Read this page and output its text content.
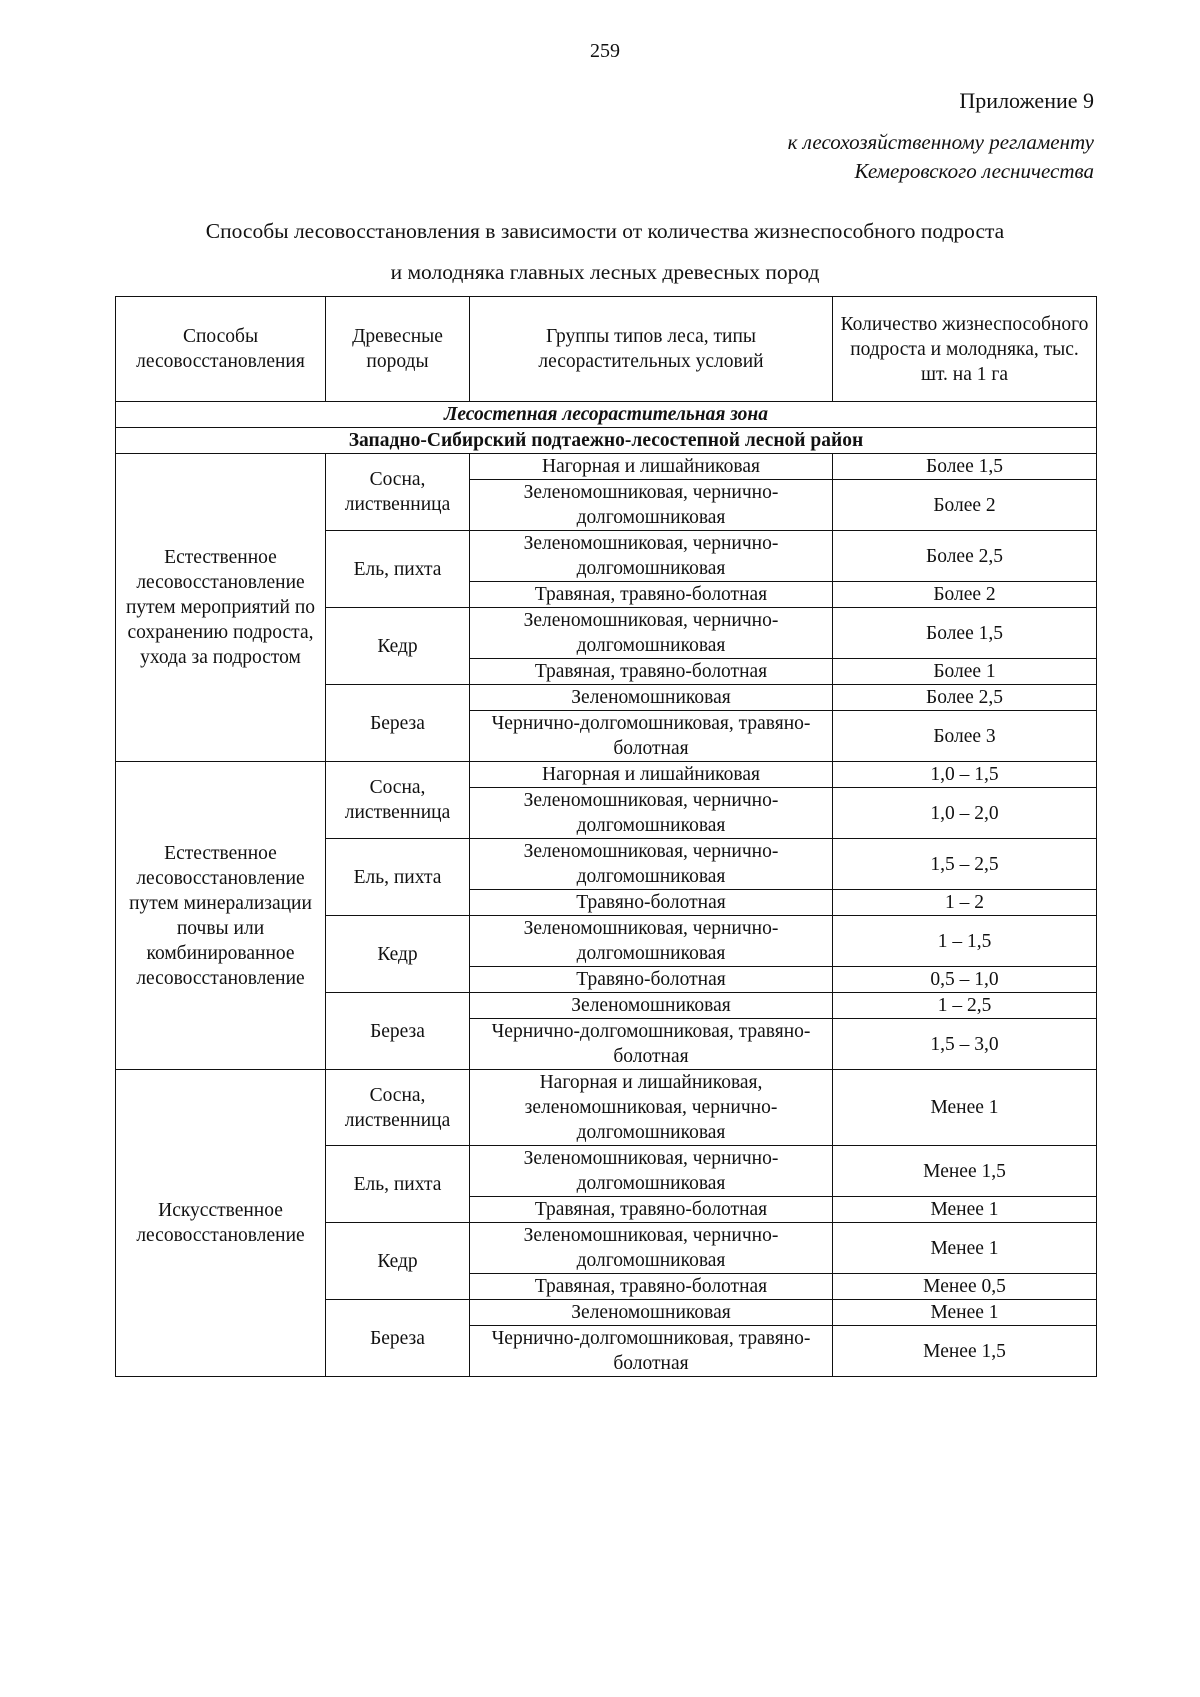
259
Приложение 9
к лесохозяйственному регламенту
Кемеровского лесничества
Способы лесовосстановления в зависимости от количества жизнеспособного подроста
и молодняка главных лесных древесных пород
Способы лесовосстановления	Древесные породы	Группы типов леса, типы лесорастительных условий	Количество жизнеспособного подроста и молодняка, тыс. шт. на 1 га
Лесостепная лесорастительная зона			
Западно-Сибирский подтаежно-лесостепной лесной район			
Естественное лесовосстановление путем мероприятий по сохранению подроста, ухода за подростом	Сосна, лиственница	Нагорная и лишайниковая	Более 1,5
		Зеленомошниковая, чернично-долгомошниковая	Более 2
	Ель, пихта	Зеленомошниковая, чернично-долгомошниковая	Более 2,5
		Травяная, травяно-болотная	Более 2
	Кедр	Зеленомошниковая, чернично-долгомошниковая	Более 1,5
		Травяная, травяно-болотная	Более 1
	Береза	Зеленомошниковая	Более 2,5
		Чернично-долгомошниковая, травяно-болотная	Более 3
Естественное лесовосстановление путем минерализации почвы или комбинированное лесовосстановление	Сосна, лиственница	Нагорная и лишайниковая	1,0 – 1,5
		Зеленомошниковая, чернично-долгомошниковая	1,0 – 2,0
	Ель, пихта	Зеленомошниковая, чернично-долгомошниковая	1,5 – 2,5
		Травяно-болотная	1 – 2
	Кедр	Зеленомошниковая, чернично-долгомошниковая	1 – 1,5
		Травяно-болотная	0,5 – 1,0
	Береза	Зеленомошниковая	1 – 2,5
		Чернично-долгомошниковая, травяно-болотная	1,5 – 3,0
Искусственное лесовосстановление	Сосна, лиственница	Нагорная и лишайниковая, зеленомошниковая, чернично-долгомошниковая	Менее 1
	Ель, пихта	Зеленомошниковая, чернично-долгомошниковая	Менее 1,5
		Травяная, травяно-болотная	Менее 1
	Кедр	Зеленомошниковая, чернично-долгомошниковая	Менее 1
		Травяная, травяно-болотная	Менее 0,5
	Береза	Зеленомошниковая	Менее 1
		Чернично-долгомошниковая, травяно-болотная	Менее 1,5
